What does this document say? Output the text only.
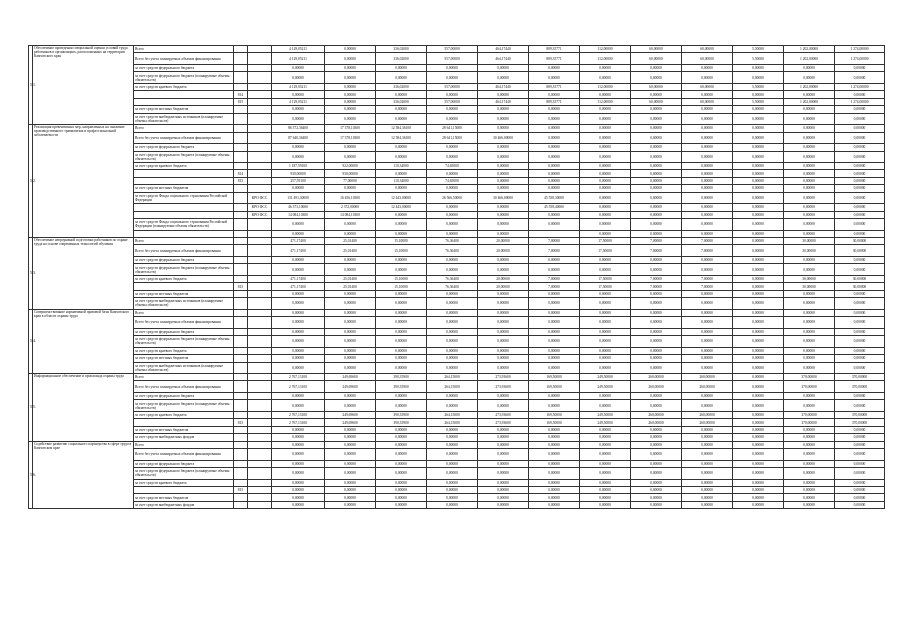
5.1.	Обеспечение проведения специальной оценки условий труда работников в организациях, расположенных на территории Камчатского края	Всего			4 129,05211	0,00000	336,02000	557,00000	464,17440	889,35771	112,00000	60,00000	60,00000	5,50000	1 202,00000	1 274,00000
		Всего без учета планируемых объемов финансирования			4 129,05211	0,00000	336,02000	557,00000	464,17440	889,35771	112,00000	60,00000	60,00000	5,50000	1 202,00000	1 274,00000
		за счет средств федерального бюджета			0,00000	0,00000	0,00000	0,00000	0,00000	0,00000	0,00000	0,00000	0,00000	0,00000	0,00000	0,00000
		за счет средств федерального бюджета (планируемые объемы обязательств)			0,00000	0,00000	0,00000	0,00000	0,00000	0,00000	0,00000	0,00000	0,00000	0,00000	0,00000	0,00000
		за счет средств краевого бюджета			4 129,05211	0,00000	336,02000	557,00000	464,17440	889,35771	112,00000	60,00000	60,00000	5,50000	1 202,00000	1 274,00000
			814		0,00000	0,00000	0,00000	0,00000	0,00000	0,00000	0,00000	0,00000	0,00000	0,00000	0,00000	0,00000
			815		4 129,05211	0,00000	336,02000	557,00000	464,17440	889,35771	112,00000	60,00000	60,00000	5,50000	1 202,00000	1 274,00000
		за счет средств местных бюджетов			0,00000	0,00000	0,00000	0,00000	0,00000	0,00000	0,00000	0,00000	0,00000	0,00000	0,00000	0,00000
		за счет средств внебюджетных источников (планируемые объемы обязательств)			0,00000	0,00000	0,00000	0,00000	0,00000	0,00000	0,00000	0,00000	0,00000	0,00000	0,00000	0,00000
5.2.	Реализация превентивных мер, направленных на снижение производственного травматизма и профессиональной заболеваемости	Всего			86 572,36400	17 378,10300	12 584,36100	28 641,15000	0,00000	0,00000	0,00000	0,00000	0,00000	0,00000	0,00000	0,00000
		Всего без учета планируемых объемов финансирования			87 640,36400	17 378,10300	12 584,36100	28 641,15000	30 466,00000	0,00000	0,00000	0,00000	0,00000	0,00000	0,00000	0,00000
		за счет средств федерального бюджета			0,00000	0,00000	0,00000	0,00000	0,00000	0,00000	0,00000	0,00000	0,00000	0,00000	0,00000	0,00000
		за счет средств федерального бюджета (планируемые объемы обязательств)			0,00000	0,00000	0,00000	0,00000	0,00000	0,00000	0,00000	0,00000	0,00000	0,00000	0,00000	0,00000
		за счет средств краевого бюджета			1 187,59100	922,00000	110,34000	74,65000	0,00000	0,00000	0,00000	0,00000	0,00000	0,00000	0,00000	0,00000
			814		930,00000	930,00000	0,00000	0,00000	0,00000	0,00000	0,00000	0,00000	0,00000	0,00000	0,00000	0,00000
			815		257,59100	77,00000	110,34000	74,65000	0,00000	0,00000	0,00000	0,00000	0,00000	0,00000	0,00000	0,00000
		за счет средств местных бюджетов			0,00000	0,00000	0,00000	0,00000	0,00000	0,00000	0,00000	0,00000	0,00000	0,00000	0,00000	0,00000
		за счет средств Фонда социального страхования Российской Федерации		КРО ФСС	131 491,30000	16 456,10300	12 443,00000	26 566,50000	30 466,00000	45 558,30000	0,00000	0,00000	0,00000	0,00000	0,00000	0,00000
				КРО ФСС	46 373,10000	2 372,00000	12 443,00000	0,00000	0,00000	45 558,40000	0,00000	0,00000	0,00000	0,00000	0,00000	0,00000
				КРО ФСС	14 084,10300	14 084,10300	0,00000	0,00000	0,00000	0,00000	0,00000	0,00000	0,00000	0,00000	0,00000	0,00000
		за счет средств Фонда социального страхования Российской Федерации (планируемые объемы обязательств)			0,00000	0,00000	0,00000	0,00000	0,00000	0,00000	0,00000	0,00000	0,00000	0,00000	0,00000	0,00000
					0,00000	0,00000	0,00000	0,00000	0,00000		0,00000	0,00000	0,00000	0,00000	0,00000	0,00000
5.3.	Обеспечение непрерывной подготовки работников по охране труда на основе современных технологий обучения	Всего			471,17400	25,01400	15,10000	76,36400	20,00000	7,00000	17,50000	7,00000	7,00000	0,00000	30,00000	30,00000
		Всего без учета планируемых объемов финансирования			471,17400	25,01400	15,10000	76,36400	20,00000	7,00000	17,50000	7,00000	7,00000	0,00000	30,00000	30,00000
		за счет средств федерального бюджета			0,00000	0,00000	0,00000	0,00000	0,00000	0,00000	0,00000	0,00000	0,00000	0,00000	0,00000	0,00000
		за счет средств федерального бюджета (планируемые объемы обязательств)			0,00000	0,00000	0,00000	0,00000	0,00000	0,00000	0,00000	0,00000	0,00000	0,00000	0,00000	0,00000
		за счет средств краевого бюджета			471,17400	25,01400	15,10000	76,36400	20,00000	7,00000	17,50000	7,00000	7,00000	0,00000	30,00000	30,00000
			815		471,17400	25,01400	15,10000	76,36400	20,00000	7,00000	17,50000	7,00000	7,00000	0,00000	30,00000	30,00000
		за счет средств местных бюджетов			0,00000	0,00000	0,00000	0,00000	0,00000	0,00000	0,00000	0,00000	0,00000	0,00000	0,00000	0,00000
		за счет средств внебюджетных источников (планируемые объемы обязательств)			0,00000	0,00000	0,00000	0,00000	0,00000	0,00000	0,00000	0,00000	0,00000	0,00000	0,00000	0,00000
5.4.	Совершенствование нормативной правовой базы Камчатского края в области охраны труда	Всего			0,00000	0,00000	0,00000	0,00000	0,00000	0,00000	0,00000	0,00000	0,00000	0,00000	0,00000	0,00000
		Всего без учета планируемых объемов финансирования			0,00000	0,00000	0,00000	0,00000	0,00000	0,00000	0,00000	0,00000	0,00000	0,00000	0,00000	0,00000
		за счет средств федерального бюджета			0,00000	0,00000	0,00000	0,00000	0,00000	0,00000	0,00000	0,00000	0,00000	0,00000	0,00000	0,00000
		за счет средств федерального бюджета (планируемые объемы обязательств)			0,00000	0,00000	0,00000	0,00000	0,00000	0,00000	0,00000	0,00000	0,00000	0,00000	0,00000	0,00000
		за счет средств краевого бюджета			0,00000	0,00000	0,00000	0,00000	0,00000	0,00000	0,00000	0,00000	0,00000	0,00000	0,00000	0,00000
		за счет средств местных бюджетов			0,00000	0,00000	0,00000	0,00000	0,00000	0,00000	0,00000	0,00000	0,00000	0,00000	0,00000	0,00000
		за счет средств внебюджетных источников (планируемые объемы обязательств)			0,00000	0,00000	0,00000	0,00000	0,00000	0,00000	0,00000	0,00000	0,00000	0,00000	0,00000	0,00000
5.5.	Информационное обеспечение и пропаганда охраны труда	Всего			2 767,13100	249,69600	390,35900	264,15000	273,93600	169,50000	249,50000	260,00000	260,00000	0,00000	370,00000	370,00000
		Всего без учета планируемых объемов финансирования			2 767,13100	249,69600	390,35900	264,15000	273,93600	169,50000	249,50000	260,00000	260,00000	0,00000	370,00000	370,00000
		за счет средств федерального бюджета			0,00000	0,00000	0,00000	0,00000	0,00000	0,00000	0,00000	0,00000	0,00000	0,00000	0,00000	0,00000
		за счет средств федерального бюджета (планируемые объемы обязательств)			0,00000	0,00000	0,00000	0,00000	0,00000	0,00000	0,00000	0,00000	0,00000	0,00000	0,00000	0,00000
		за счет средств краевого бюджета			2 767,13100	249,69600	390,35900	264,15000	273,93600	169,50000	249,50000	260,00000	260,00000	0,00000	370,00000	370,00000
			815		2 767,13100	249,69600	390,35900	264,15000	273,93600	169,50000	249,50000	260,00000	260,00000	0,00000	370,00000	370,00000
		за счет средств местных бюджетов			0,00000	0,00000	0,00000	0,00000	0,00000	0,00000	0,00000	0,00000	0,00000	0,00000	0,00000	0,00000
		за счет средств внебюджетных фондов			0,00000	0,00000	0,00000	0,00000	0,00000	0,00000	0,00000	0,00000	0,00000	0,00000	0,00000	0,00000
5.6.	Содействие развитию социального партнерства в сфере труда в Камчатском крае	Всего			0,00000	0,00000	0,00000	0,00000	0,00000	0,00000	0,00000	0,00000	0,00000	0,00000	0,00000	0,00000
		Всего без учета планируемых объемов финансирования			0,00000	0,00000	0,00000	0,00000	0,00000	0,00000	0,00000	0,00000	0,00000	0,00000	0,00000	0,00000
		за счет средств федерального бюджета			0,00000	0,00000	0,00000	0,00000	0,00000	0,00000	0,00000	0,00000	0,00000	0,00000	0,00000	0,00000
		за счет средств федерального бюджета (планируемые объемы обязательств)			0,00000	0,00000	0,00000	0,00000	0,00000	0,00000	0,00000	0,00000	0,00000	0,00000	0,00000	0,00000
		за счет средств краевого бюджета			0,00000	0,00000	0,00000	0,00000	0,00000	0,00000	0,00000	0,00000	0,00000	0,00000	0,00000	0,00000
			815		0,00000	0,00000	0,00000	0,00000	0,00000	0,00000	0,00000	0,00000	0,00000	0,00000	0,00000	0,00000
		за счет средств местных бюджетов			0,00000	0,00000	0,00000	0,00000	0,00000	0,00000	0,00000	0,00000	0,00000	0,00000	0,00000	0,00000
		за счет средств внебюджетных фондов			0,00000	0,00000	0,00000	0,00000	0,00000	0,00000	0,00000	0,00000	0,00000	0,00000	0,00000	0,00000
